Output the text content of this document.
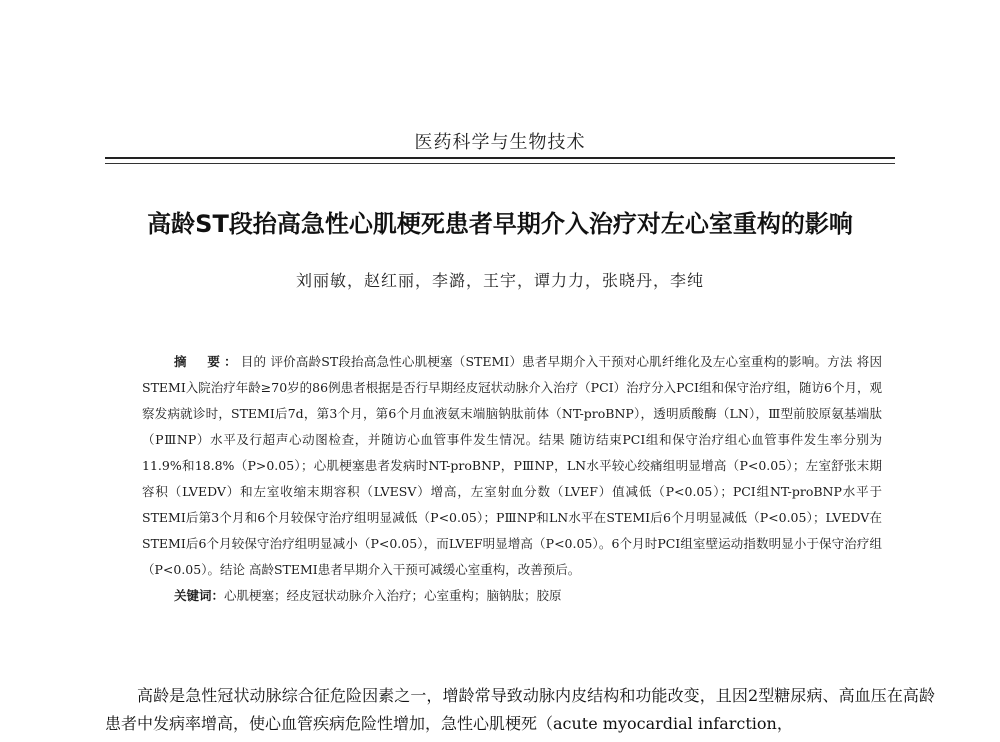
医药科学与生物技术
高龄ST段抬高急性心肌梗死患者早期介入治疗对左心室重构的影响
刘丽敏，赵红丽，李潞，王宇，谭力力，张晓丹，李纯
摘　要：目的 评价高龄ST段抬高急性心肌梗塞（STEMI）患者早期介入干预对心肌纤维化及左心室重构的影响。方法 将因STEMI入院治疗年龄≥70岁的86例患者根据是否行早期经皮冠状动脉介入治疗（PCI）治疗分入PCI组和保守治疗组，随访6个月，观察发病就诊时，STEMI后7d，第3个月，第6个月血液氨末端脑钠肽前体（NT-proBNP），透明质酸酶（LN），Ⅲ型前胶原氨基端肽（PⅢNP）水平及行超声心动图检查，并随访心血管事件发生情况。结果 随访结束PCI组和保守治疗组心血管事件发生率分别为11.9%和18.8%（P>0.05）；心肌梗塞患者发病时NT-proBNP，PⅢNP，LN水平较心绞痛组明显增高（P<0.05）；左室舒张末期容积（LVEDV）和左室收缩末期容积（LVESV）增高，左室射血分数（LVEF）值减低（P<0.05）；PCI组NT-proBNP水平于STEMI后第3个月和6个月较保守治疗组明显减低（P<0.05）；PⅢNP和LN水平在STEMI后6个月明显减低（P<0.05）；LVEDV在STEMI后6个月较保守治疗组明显减小（P<0.05），而LVEF明显增高（P<0.05）。6个月时PCI组室壁运动指数明显小于保守治疗组（P<0.05）。结论 高龄STEMI患者早期介入干预可减缓心室重构，改善预后。
关键词：心肌梗塞；经皮冠状动脉介入治疗；心室重构；脑钠肽；胶原
高龄是急性冠状动脉综合征危险因素之一，增龄常导致动脉内皮结构和功能改变，且因2型糖尿病、高血压在高龄患者中发病率增高，使心血管疾病危险性增加，急性心肌梗死（acute myocardial infarction，
